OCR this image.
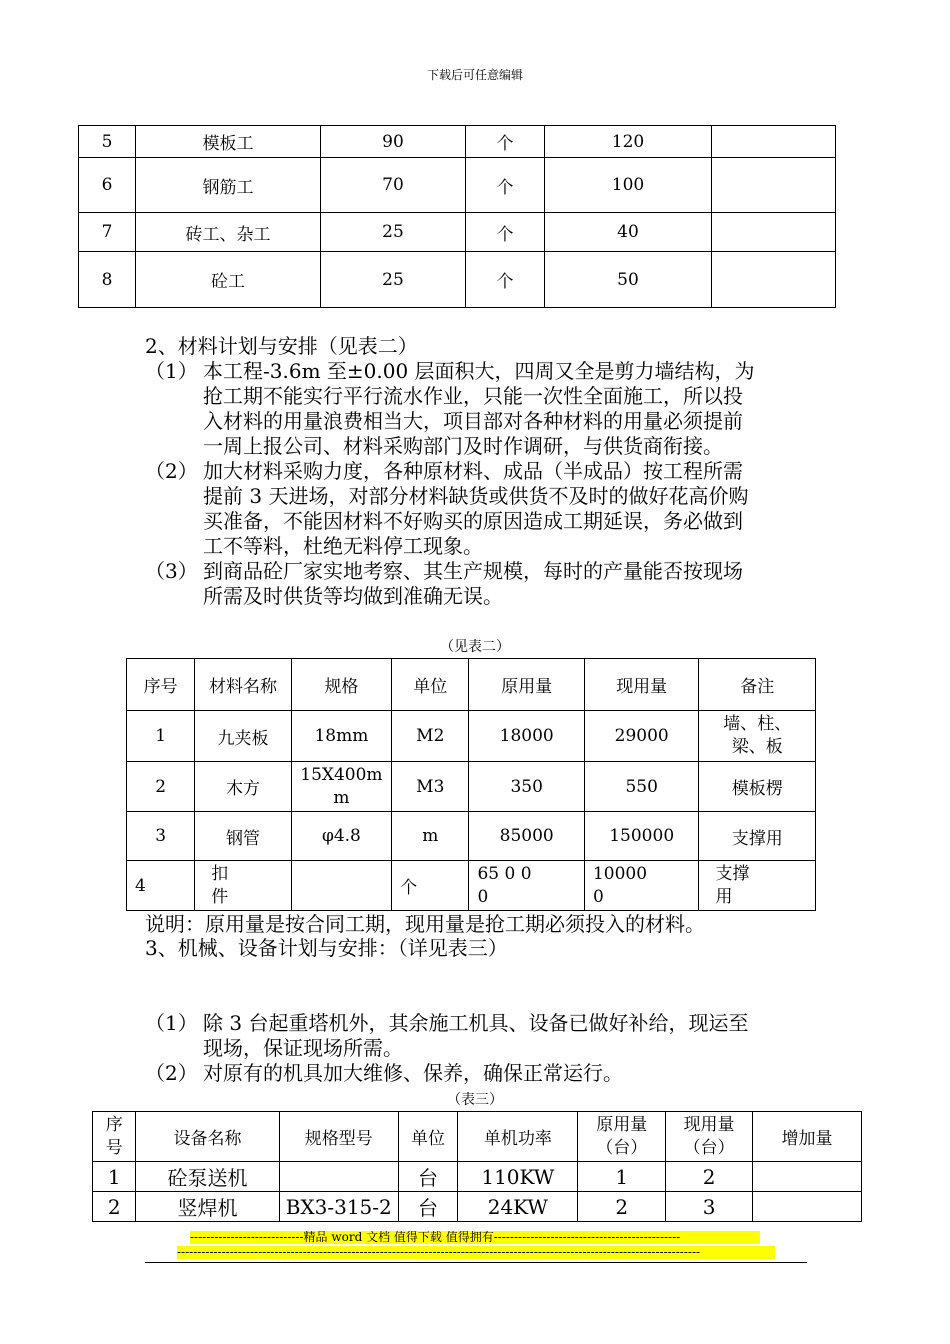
下载后可任意编辑
5	模板工	90	个	120	
6	钢筋工	70	个	100	
7	砖工、杂工	25	个	40	
8	砼工	25	个	50	
2、材料计划与安排（见表二）
（1） 本工程-3.6m 至±0.00 层面积大，四周又全是剪力墙结构，为
抢工期不能实行平行流水作业，只能一次性全面施工，所以投
入材料的用量浪费相当大，项目部对各种材料的用量必须提前
一周上报公司、材料采购部门及时作调研，与供货商衔接。
（2） 加大材料采购力度，各种原材料、成品（半成品）按工程所需
提前 3 天进场，对部分材料缺货或供货不及时的做好花高价购
买准备，不能因材料不好购买的原因造成工期延误，务必做到
工不等料，杜绝无料停工现象。
（3） 到商品砼厂家实地考察、其生产规模，每时的产量能否按现场
所需及时供货等均做到准确无误。
（见表二）
序号	材料名称	规格	单位	原用量	现用量	备注
1	九夹板	18mm	M2	18000	29000	墙、柱、
梁、板
2	木方	15X400m
m	M3	350	550	模板楞
3	钢管	φ4.8	m	85000	150000	支撑用
4	扣
件		个	65 0 0
0	10000
0	支撑
用
说明：原用量是按合同工期，现用量是抢工期必须投入的材料。
3、机械、设备计划与安排：（详见表三）
（1） 除 3 台起重塔机外，其余施工机具、设备已做好补给，现运至
现场，保证现场所需。
（2） 对原有的机具加大维修、保养，确保正常运行。
（表三）
序
号	设备名称	规格型号	单位	单机功率	原用量
（台）	现用量
（台）	增加量
1	砼泵送机		台	110KW	1	2	
2	竖焊机	BX3-315-2	台	24KW	2	3	
----------------------------精品 word 文档 值得下载 值得拥有----------------------------------------------
---------------------------------------------------------------------------------------------------------------------------------
